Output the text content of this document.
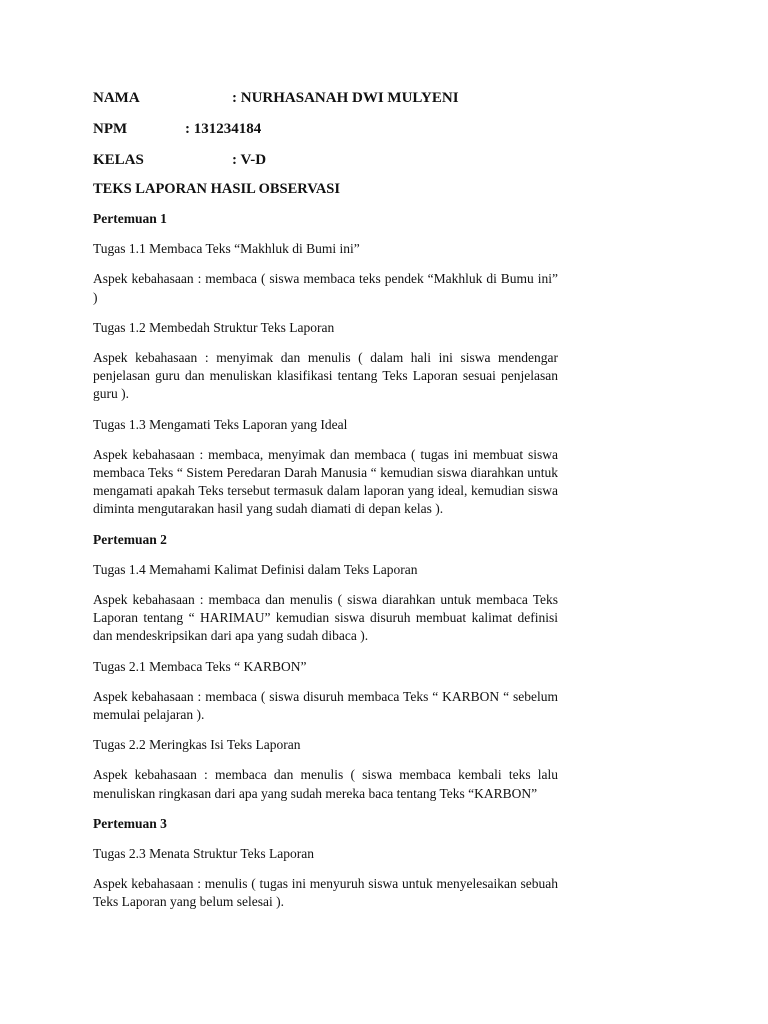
NAMA	: NURHASANAH DWI MULYENI
NPM	: 131234184
KELAS	: V-D
TEKS LAPORAN HASIL OBSERVASI

Pertemuan 1

Tugas 1.1 Membaca Teks “Makhluk di Bumi ini”

Aspek kebahasaan : membaca ( siswa membaca teks pendek “Makhluk di Bumu ini” )

Tugas 1.2 Membedah Struktur Teks Laporan

Aspek kebahasaan : menyimak dan menulis ( dalam hali ini siswa mendengar penjelasan guru dan menuliskan klasifikasi tentang Teks Laporan sesuai penjelasan guru ).

Tugas 1.3 Mengamati Teks Laporan yang Ideal

Aspek kebahasaan : membaca, menyimak dan membaca ( tugas ini membuat siswa membaca Teks “ Sistem Peredaran Darah Manusia “ kemudian siswa diarahkan untuk mengamati apakah Teks tersebut termasuk dalam laporan yang ideal, kemudian siswa diminta mengutarakan hasil yang sudah diamati di depan kelas ).

Pertemuan 2

Tugas 1.4 Memahami Kalimat Definisi dalam Teks Laporan

Aspek kebahasaan : membaca dan menulis ( siswa diarahkan untuk membaca Teks Laporan tentang “ HARIMAU” kemudian siswa disuruh membuat kalimat definisi dan mendeskripsikan dari apa yang sudah dibaca ).

Tugas 2.1 Membaca Teks “ KARBON”

Aspek kebahasaan : membaca ( siswa disuruh membaca Teks “ KARBON “ sebelum memulai pelajaran ).

Tugas 2.2 Meringkas Isi Teks Laporan

Aspek kebahasaan : membaca dan menulis ( siswa membaca kembali teks lalu menuliskan ringkasan dari apa yang sudah mereka baca tentang Teks “KARBON”

Pertemuan 3

Tugas 2.3 Menata Struktur Teks Laporan

Aspek kebahasaan : menulis ( tugas ini menyuruh siswa untuk menyelesaikan sebuah Teks Laporan yang belum selesai ).
